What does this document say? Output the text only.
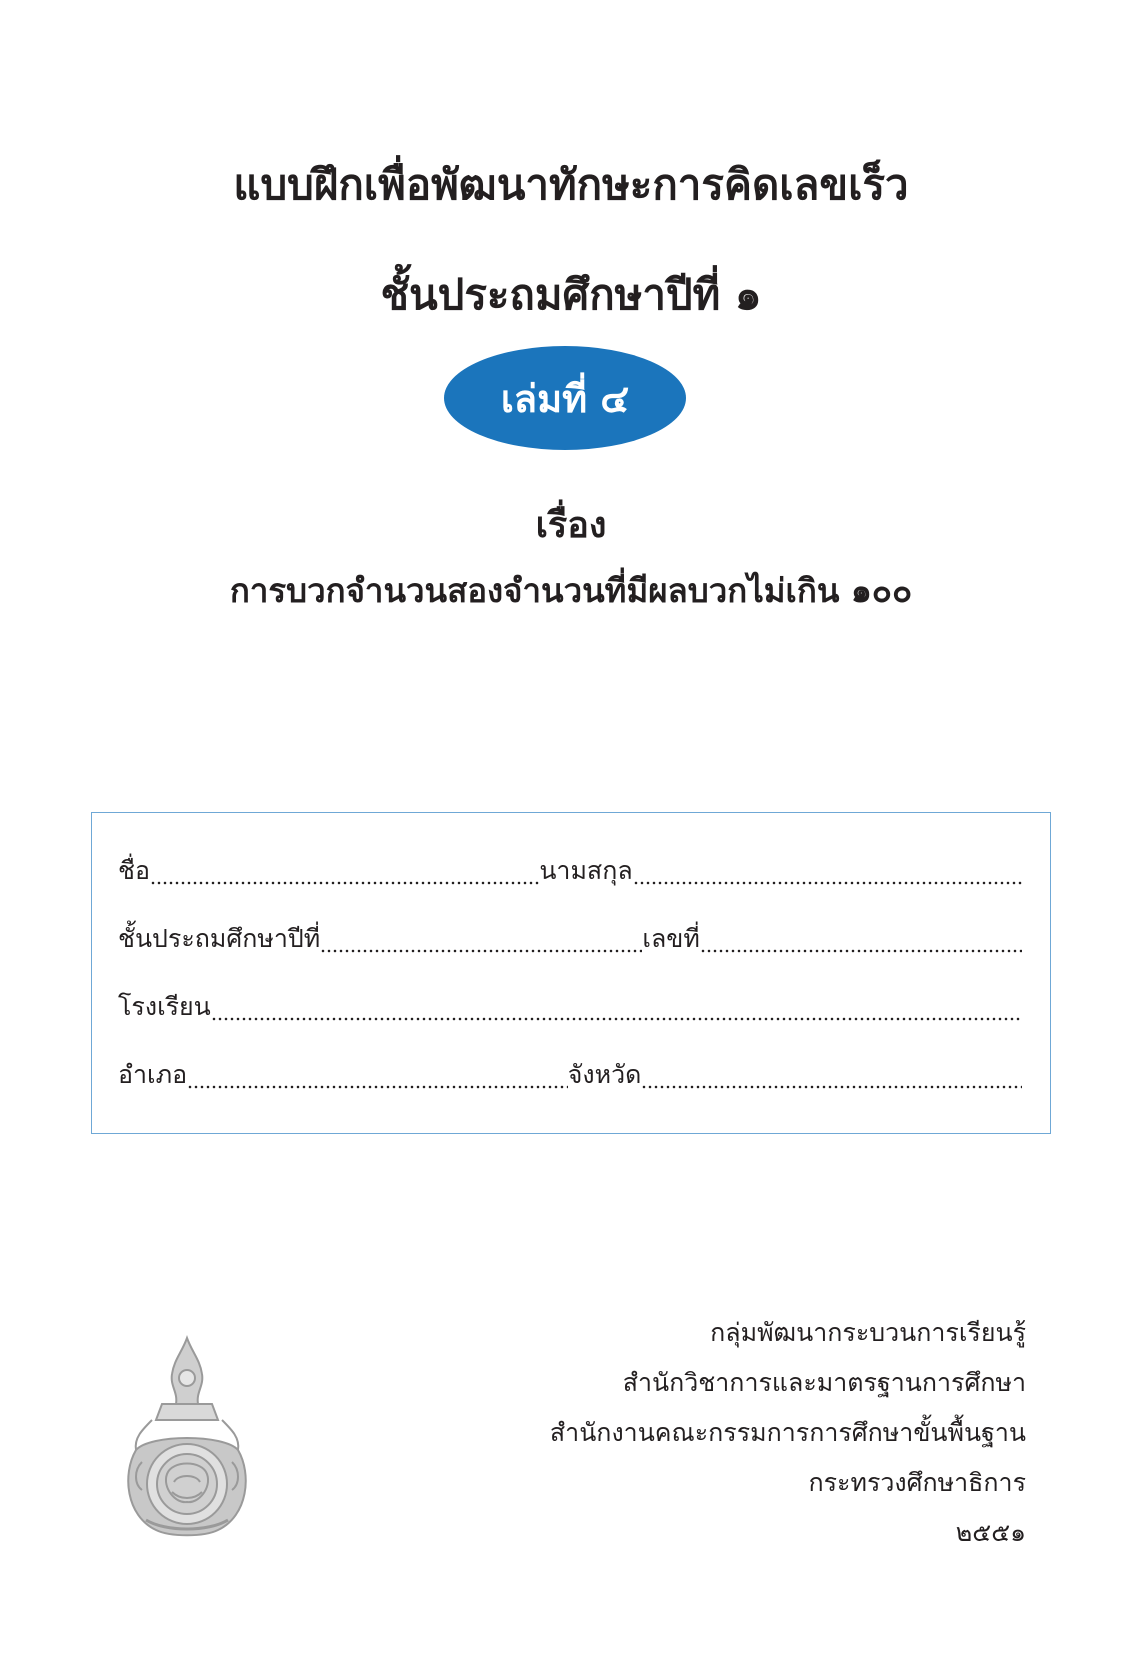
แบบฝึกเพื่อพัฒนาทักษะการคิดเลขเร็ว
ชั้นประถมศึกษาปีที่ ๑
เล่มที่ ๔
เรื่อง
การบวกจำนวนสองจำนวนที่มีผลบวกไม่เกิน ๑๐๐
ชื่อ	นามสกุล
ชั้นประถมศึกษาปีที่	เลขที่
โรงเรียน
อำเภอ	จังหวัด
กลุ่มพัฒนากระบวนการเรียนรู้
สำนักวิชาการและมาตรฐานการศึกษา
สำนักงานคณะกรรมการการศึกษาขั้นพื้นฐาน
กระทรวงศึกษาธิการ
๒๕๕๑
